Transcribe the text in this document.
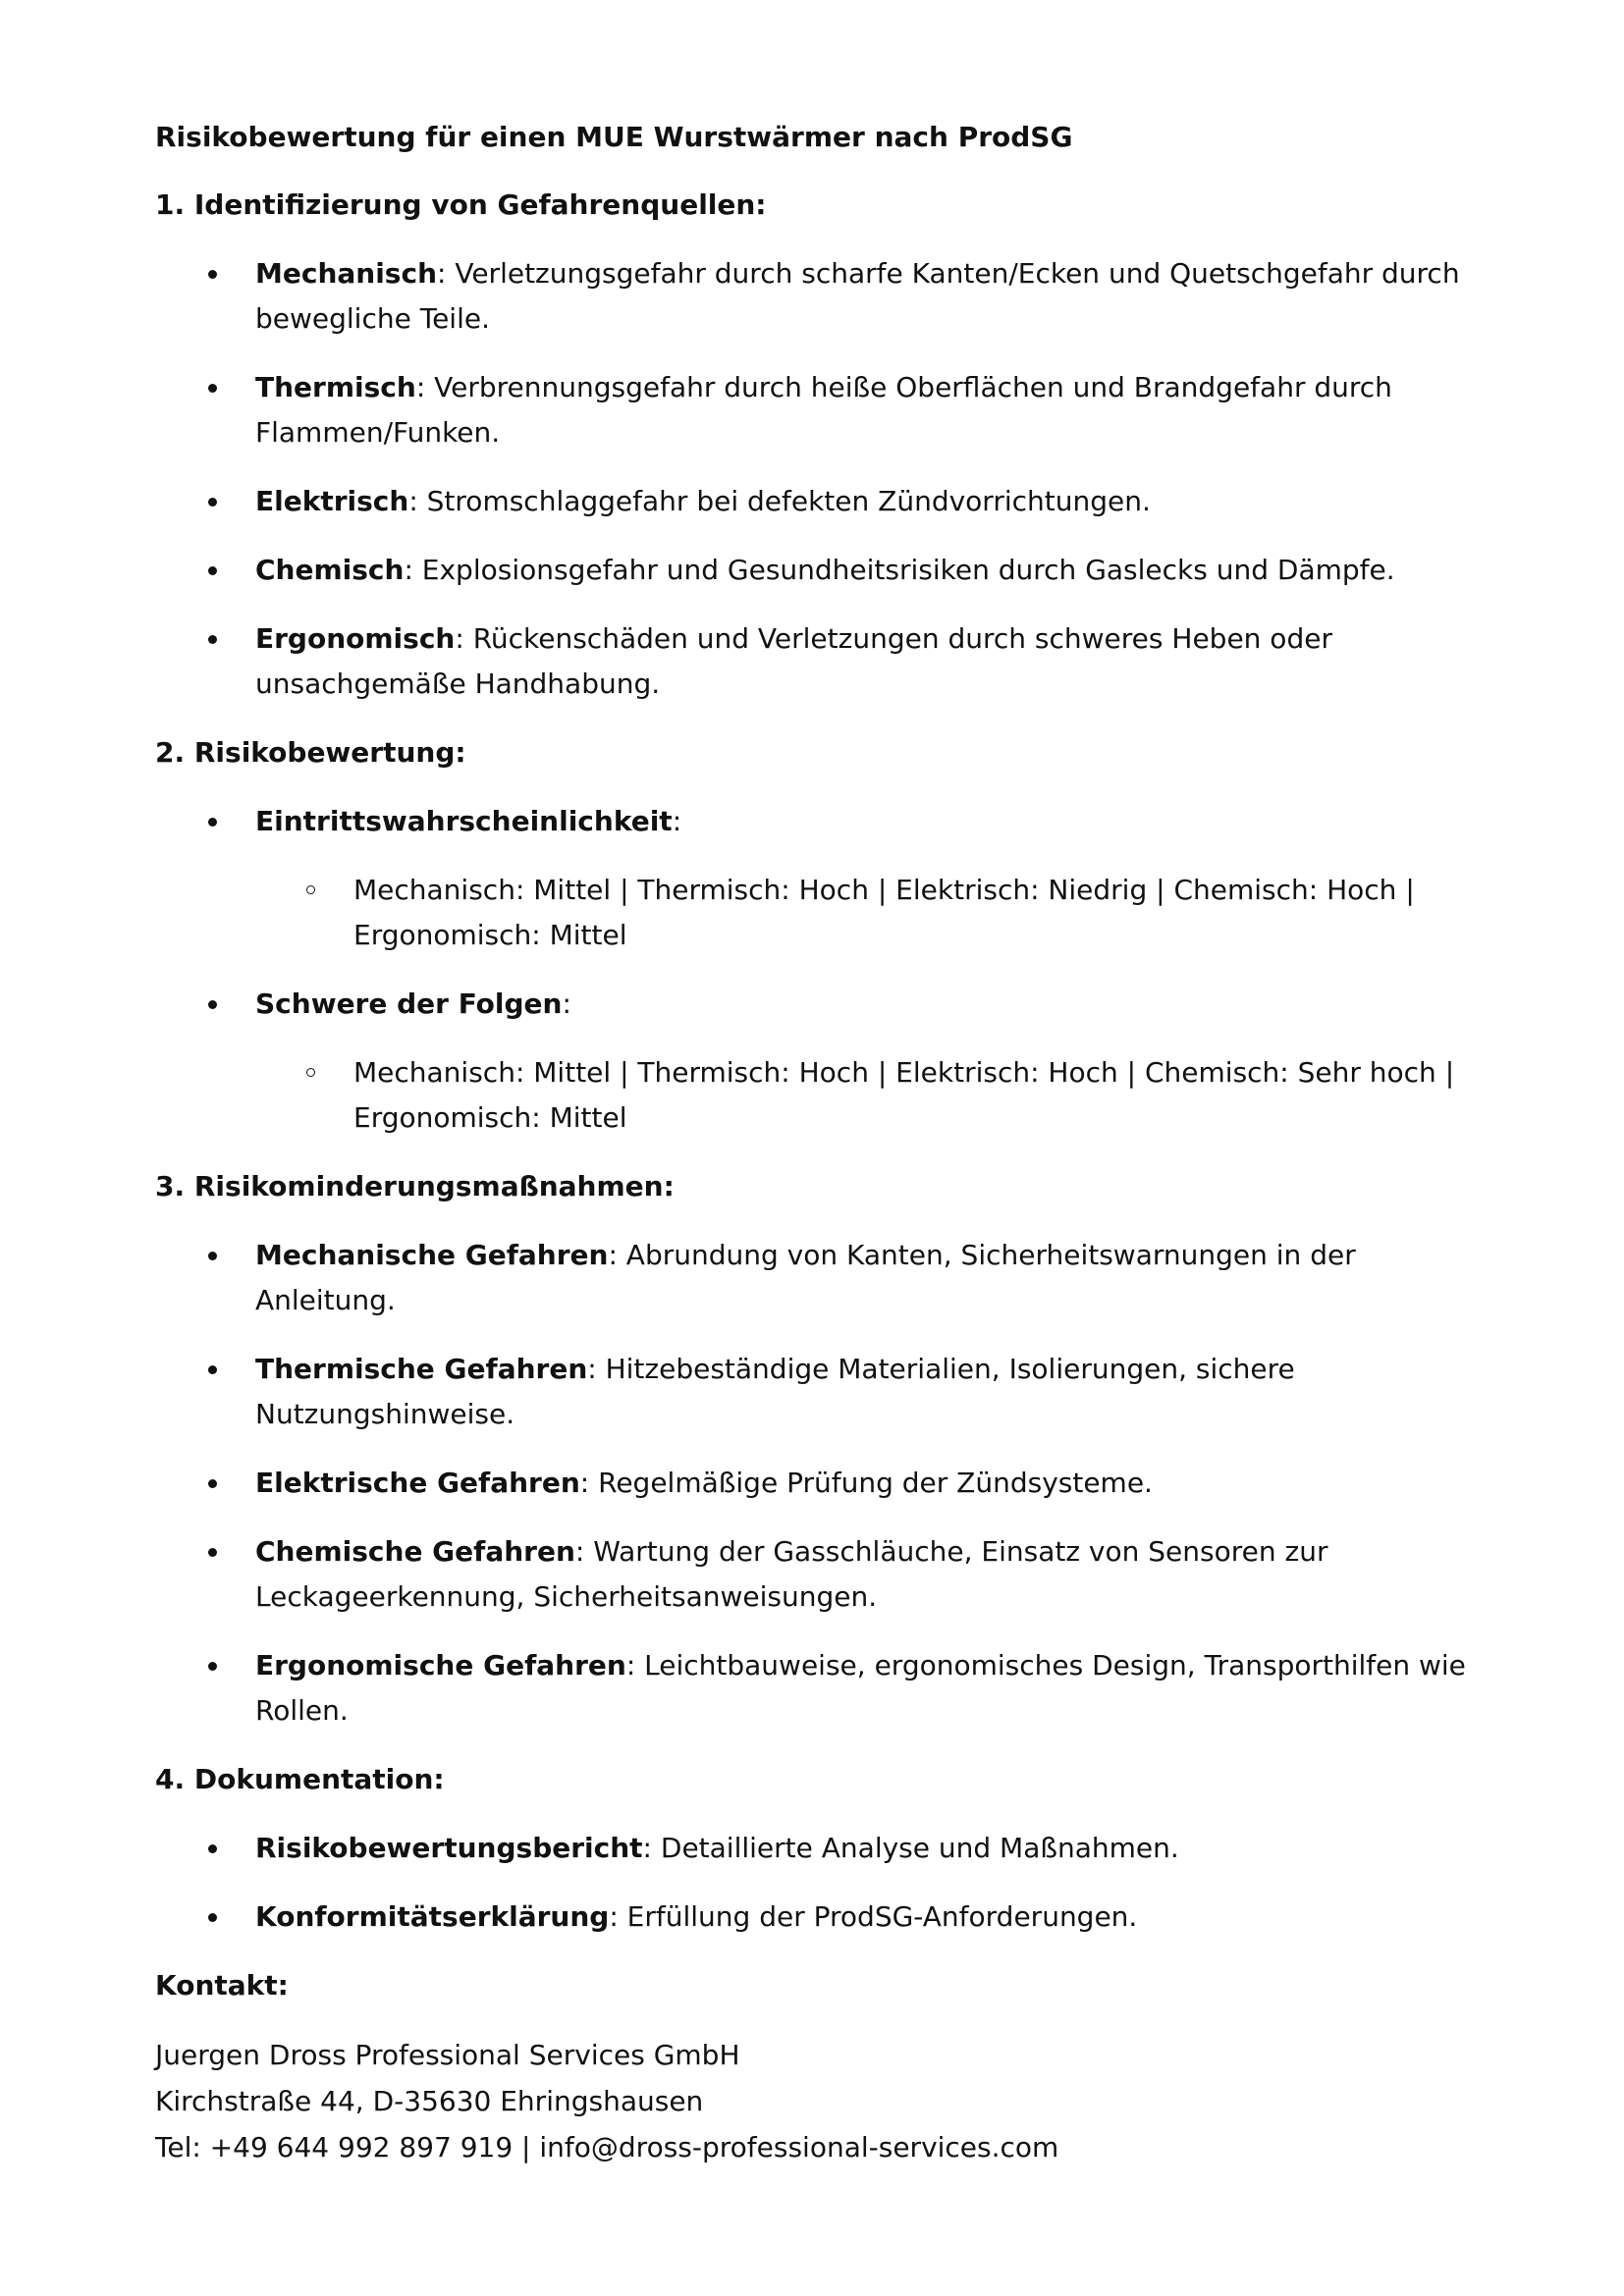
Risikobewertung für einen MUE Wurstwärmer nach ProdSG

1. Identifizierung von Gefahrenquellen:

Mechanisch: Verletzungsgefahr durch scharfe Kanten/Ecken und Quetschgefahr durch bewegliche Teile.
Thermisch: Verbrennungsgefahr durch heiße Oberflächen und Brandgefahr durch Flammen/Funken.
Elektrisch: Stromschlaggefahr bei defekten Zündvorrichtungen.
Chemisch: Explosionsgefahr und Gesundheitsrisiken durch Gaslecks und Dämpfe.
Ergonomisch: Rückenschäden und Verletzungen durch schweres Heben oder unsachgemäße Handhabung.

2. Risikobewertung:

Eintrittswahrscheinlichkeit:
Mechanisch: Mittel | Thermisch: Hoch | Elektrisch: Niedrig | Chemisch: Hoch | Ergonomisch: Mittel
Schwere der Folgen:
Mechanisch: Mittel | Thermisch: Hoch | Elektrisch: Hoch | Chemisch: Sehr hoch | Ergonomisch: Mittel

3. Risikominderungsmaßnahmen:

Mechanische Gefahren: Abrundung von Kanten, Sicherheitswarnungen in der Anleitung.
Thermische Gefahren: Hitzebeständige Materialien, Isolierungen, sichere Nutzungshinweise.
Elektrische Gefahren: Regelmäßige Prüfung der Zündsysteme.
Chemische Gefahren: Wartung der Gasschläuche, Einsatz von Sensoren zur Leckageerkennung, Sicherheitsanweisungen.
Ergonomische Gefahren: Leichtbauweise, ergonomisches Design, Transporthilfen wie Rollen.

4. Dokumentation:

Risikobewertungsbericht: Detaillierte Analyse und Maßnahmen.
Konformitätserklärung: Erfüllung der ProdSG-Anforderungen.

Kontakt:

Juergen Dross Professional Services GmbH
Kirchstraße 44, D-35630 Ehringshausen
Tel: +49 644 992 897 919 | info@dross-professional-services.com
